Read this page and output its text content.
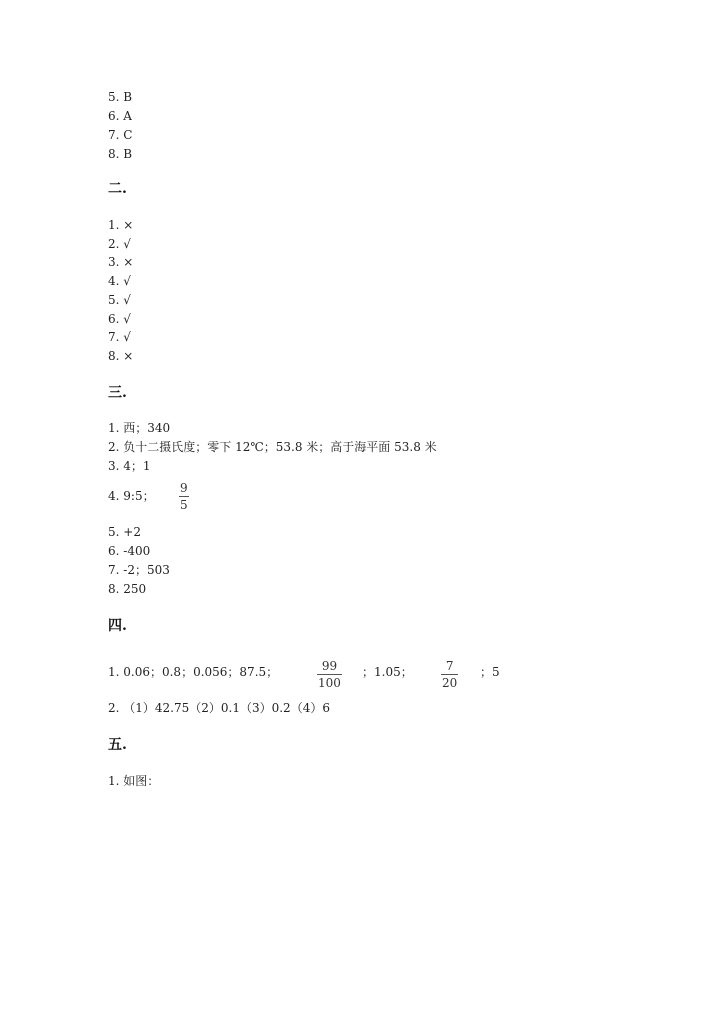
5. B
6. A
7. C
8. B
二.
1. ×
2. √
3. ×
4. √
5. √
6. √
7. √
8. ×
三.
1. 西；340
2. 负十二摄氏度；零下 12℃；53.8 米；高于海平面 53.8 米
3. 4；1
4. 9:5；
9
5
5. +2
6. -400
7. -2；503
8. 250
四.
1. 0.06；0.8；0.056；87.5；	99
100
；1.05；	7
20
；5
2. （1）42.75（2）0.1（3）0.2（4）6
五.
1. 如图：
